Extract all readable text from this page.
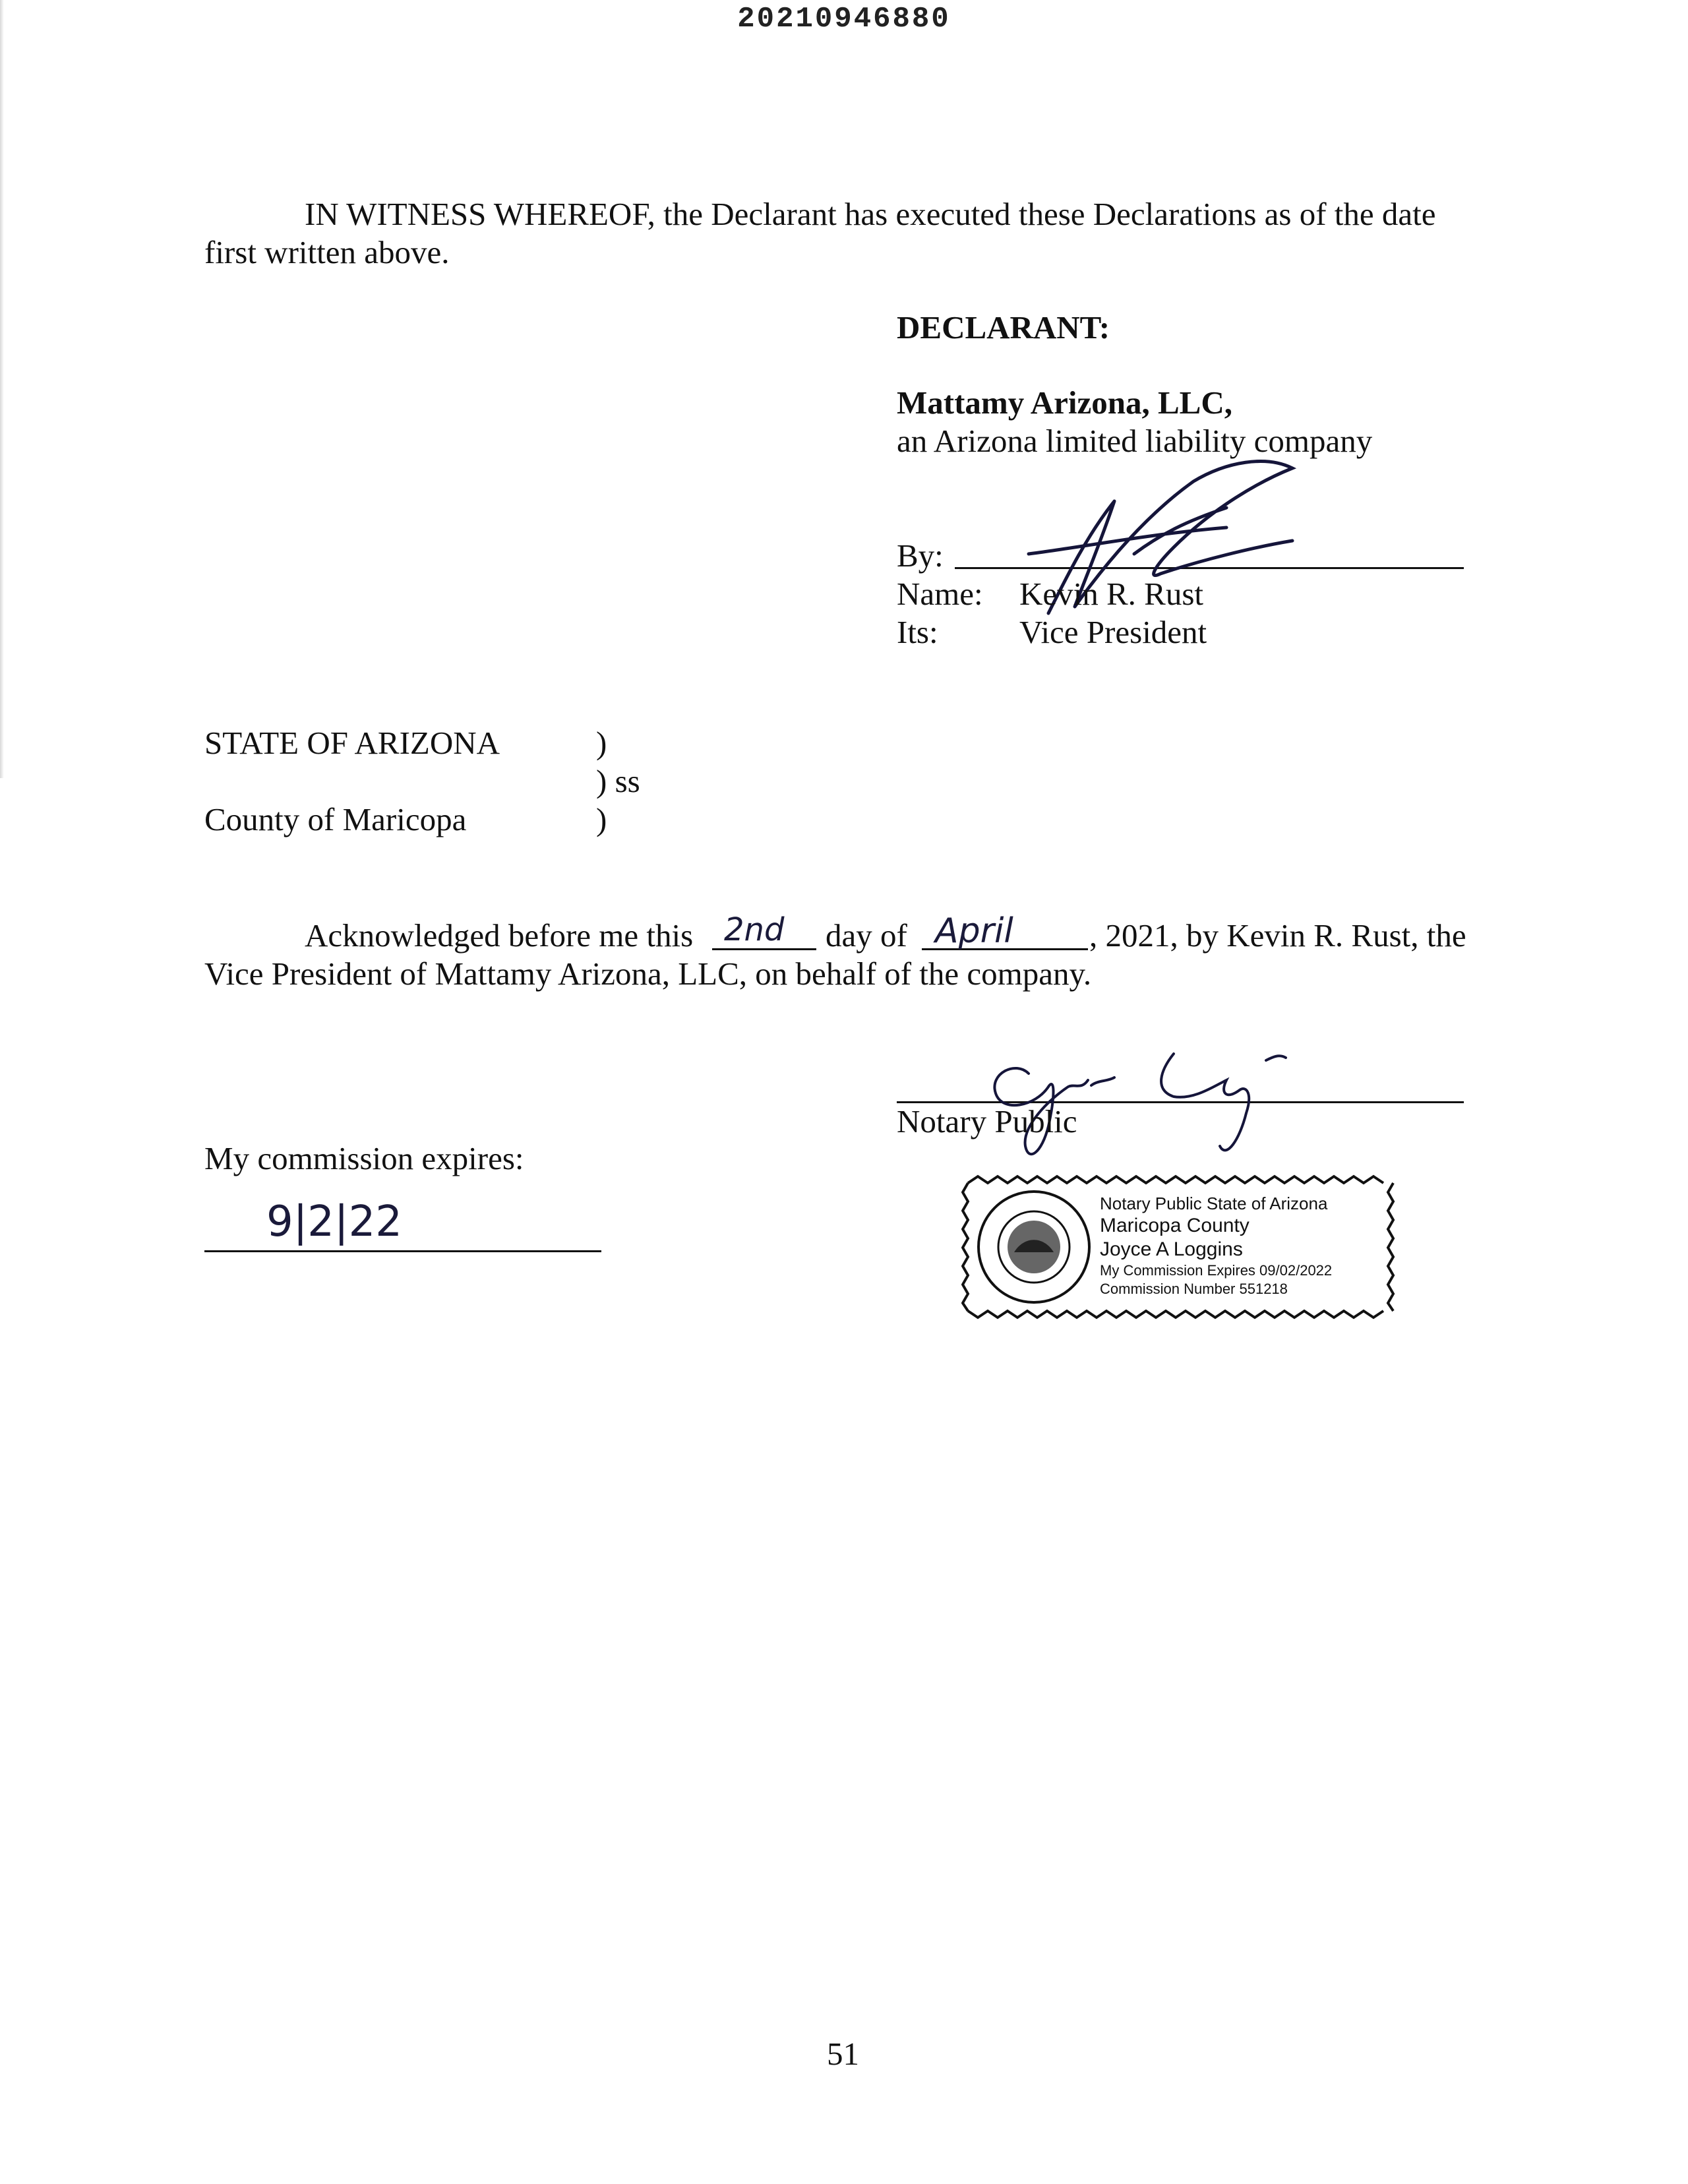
20210946880
IN WITNESS WHEREOF, the Declarant has executed these Declarations as of the date
first written above.
DECLARANT:
Mattamy Arizona, LLC,
an Arizona limited liability company
By:
Name: Kevin R. Rust
Its:	Vice President
STATE OF ARIZONA	)
) ss
County of Maricopa	)
Acknowledged before me this 2nd day of April , 2021, by Kevin R. Rust, the
Vice President of Mattamy Arizona, LLC, on behalf of the company.
Notary Public
My commission expires:
9|2|22	Notary Public State of Arizona
Maricopa County
Joyce A Loggins
My Commission Expires 09/02/2022
Commission Number 551218
51
